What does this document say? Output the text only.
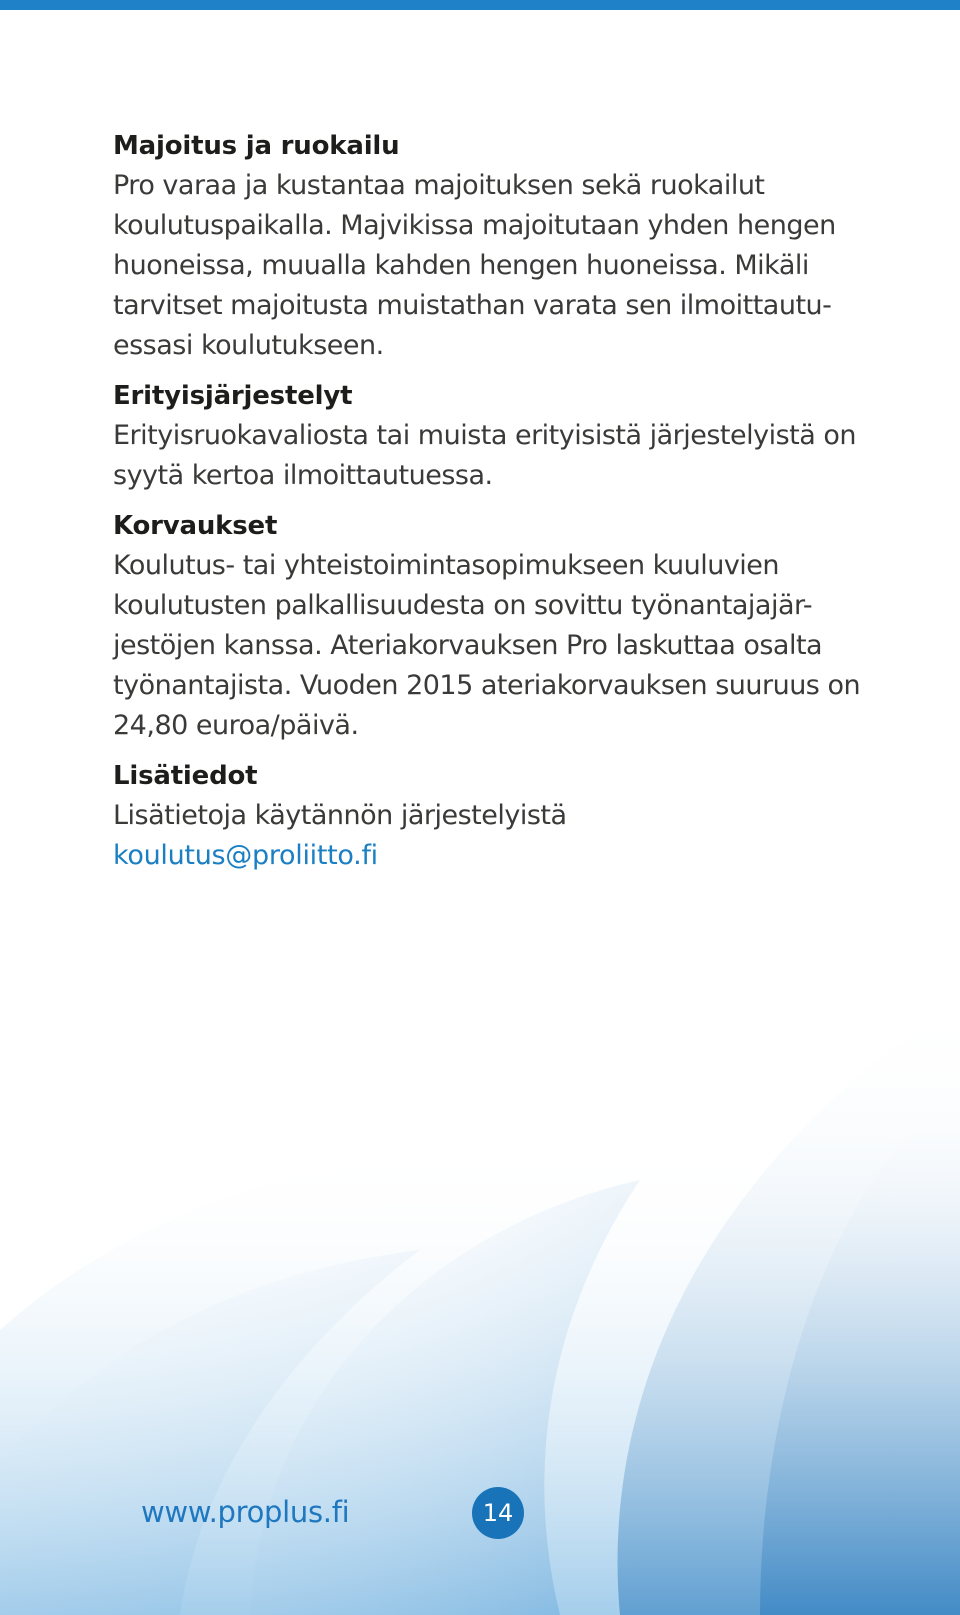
Majoitus ja ruokailu
Pro varaa ja kustantaa majoituksen sekä ruokailut
koulutuspaikalla. Majvikissa majoitutaan yhden hengen
huoneissa, muualla kahden hengen huoneissa. Mikäli
tarvitset majoitusta muistathan varata sen ilmoittautu-
essasi koulutukseen.
Erityisjärjestelyt
Erityisruokavaliosta tai muista erityisistä järjestelyistä on
syytä kertoa ilmoittautuessa.
Korvaukset
Koulutus- tai yhteistoimintasopimukseen kuuluvien
koulutusten palkallisuudesta on sovittu työnantajajär-
jestöjen kanssa. Ateriakorvauksen Pro laskuttaa osalta
työnantajista. Vuoden 2015 ateriakorvauksen suuruus on
24,80 euroa/päivä.
Lisätiedot
Lisätietoja käytännön järjestelyistä
koulutus@proliitto.fi
www.proplus.fi	14
